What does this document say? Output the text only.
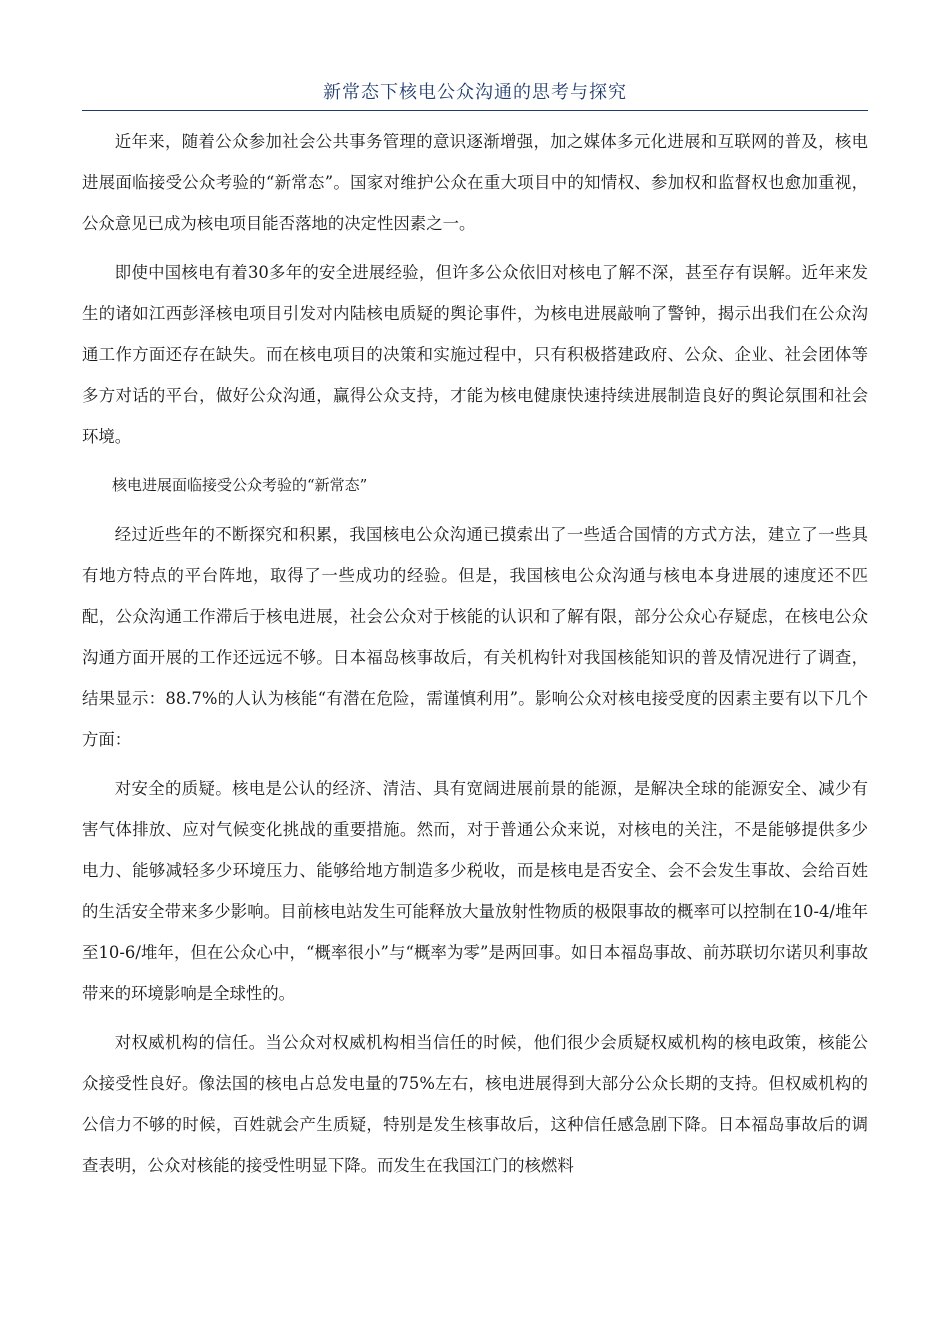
新常态下核电公众沟通的思考与探究

近年来，随着公众参加社会公共事务管理的意识逐渐增强，加之媒体多元化进展和互联网的普及，核电进展面临接受公众考验的“新常态”。国家对维护公众在重大项目中的知情权、参加权和监督权也愈加重视，公众意见已成为核电项目能否落地的决定性因素之一。

即使中国核电有着30多年的安全进展经验，但许多公众依旧对核电了解不深，甚至存有误解。近年来发生的诸如江西彭泽核电项目引发对内陆核电质疑的舆论事件，为核电进展敲响了警钟，揭示出我们在公众沟通工作方面还存在缺失。而在核电项目的决策和实施过程中，只有积极搭建政府、公众、企业、社会团体等多方对话的平台，做好公众沟通，赢得公众支持，才能为核电健康快速持续进展制造良好的舆论氛围和社会环境。

核电进展面临接受公众考验的“新常态”

经过近些年的不断探究和积累，我国核电公众沟通已摸索出了一些适合国情的方式方法，建立了一些具有地方特点的平台阵地，取得了一些成功的经验。但是，我国核电公众沟通与核电本身进展的速度还不匹配，公众沟通工作滞后于核电进展，社会公众对于核能的认识和了解有限，部分公众心存疑虑，在核电公众沟通方面开展的工作还远远不够。日本福岛核事故后，有关机构针对我国核能知识的普及情况进行了调查，结果显示：88.7%的人认为核能“有潜在危险，需谨慎利用”。影响公众对核电接受度的因素主要有以下几个方面：

对安全的质疑。核电是公认的经济、清洁、具有宽阔进展前景的能源，是解决全球的能源安全、减少有害气体排放、应对气候变化挑战的重要措施。然而，对于普通公众来说，对核电的关注，不是能够提供多少电力、能够减轻多少环境压力、能够给地方制造多少税收，而是核电是否安全、会不会发生事故、会给百姓的生活安全带来多少影响。目前核电站发生可能释放大量放射性物质的极限事故的概率可以控制在10-4/堆年至10-6/堆年，但在公众心中，“概率很小”与“概率为零”是两回事。如日本福岛事故、前苏联切尔诺贝利事故带来的环境影响是全球性的。

对权威机构的信任。当公众对权威机构相当信任的时候，他们很少会质疑权威机构的核电政策，核能公众接受性良好。像法国的核电占总发电量的75%左右，核电进展得到大部分公众长期的支持。但权威机构的公信力不够的时候，百姓就会产生质疑，特别是发生核事故后，这种信任感急剧下降。日本福岛事故后的调查表明，公众对核能的接受性明显下降。而发生在我国江门的核燃料
